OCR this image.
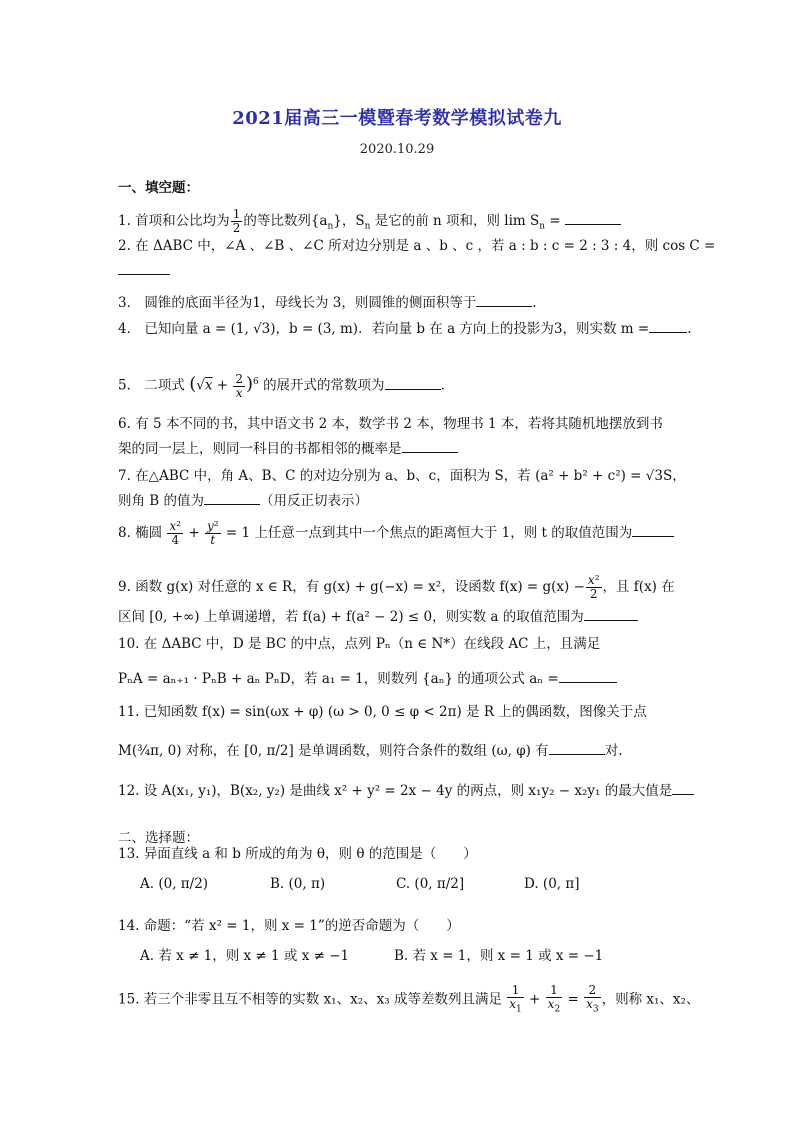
2021届高三一模暨春考数学模拟试卷九
2020.10.29
一、填空题：
1. 首项和公比均为 $\frac{1}{2}$ 的等比数列$\{a_n\}$，$S_n$ 是它的前 n 项和，则 $\lim S_n$ =
2. 在 ΔABC 中，∠A 、∠B 、∠C 所对边分别是 a 、b 、c ，若 a : b : c = 2 : 3 : 4，则 cos C =
3． 圆锥的底面半径为1，母线长为 3，则圆锥的侧面积等于	.
4． 已知向量 a = (1, √3)，b = (3, m)．若向量 b 在 a 方向上的投影为3，则实数 m =	.
5． 二项式 $(√x + \frac{2}{x} )^6$ 的展开式的常数项为	.
6. 有 5 本不同的书，其中语文书 2 本，数学书 2 本，物理书 1 本，若将其随机地摆放到书
架的同一层上，则同一科目的书都相邻的概率是
7. 在△ABC 中，角 A、B、C 的对边分别为 a、b、c，面积为 S，若 (a² + b² + c²) = √3S，
则角 B 的值为	（用反正切表示）
8. 椭圆 $\frac{\text{x²}}{4} + \frac{\text{y²}}{t} = 1$ 上任意一点到其中一个焦点的距离恒大于 1，则 t 的取值范围为
9. 函数 g(x) 对任意的 x ∈ R，有 g(x) + g(−x) = x²，设函数 $f(x) = g(x) - \frac{\text{x²}}{2}$ ，且 f(x) 在
区间 [0, +∞) 上单调递增，若 f(a) + f(a² − 2) ≤ 0，则实数 a 的取值范围为
10. 在 ΔABC 中，D 是 BC 的中点，点列 Pₙ（n ∈ N*）在线段 AC 上，且满足
PₙA = aₙ₊₁ · PₙB + aₙ PₙD，若 a₁ = 1，则数列 {aₙ} 的通项公式 aₙ =
11. 已知函数 f(x) = sin(ωx + φ) (ω > 0, 0 ≤ φ < 2π) 是 R 上的偶函数，图像关于点
M(¾π, 0) 对称，在 [0, π/2] 是单调函数，则符合条件的数组 (ω, φ) 有	对.
12. 设 A(x₁, y₁)，B(x₂, y₂) 是曲线 x² + y² = 2x − 4y 的两点，则 x₁y₂ − x₂y₁ 的最大值是
二、选择题：
13. 异面直线 a 和 b 所成的角为 θ，则 θ 的范围是（　　）
A. (0, π/2)	B. (0, π)	C. (0, π/2]	D. (0, π]
14. 命题：“若 x² = 1，则 x = 1”的逆否命题为（　　）
A. 若 x ≠ 1，则 x ≠ 1 或 x ≠ −1	B. 若 x = 1，则 x = 1 或 x = −1
15. 若三个非零且互不相等的实数 x₁、x₂、x₃ 成等差数列且满足 $\frac{1}{x_1} + \frac{1}{x_2} = \frac{2}{x_3}$ ，则称 x₁、x₂、
